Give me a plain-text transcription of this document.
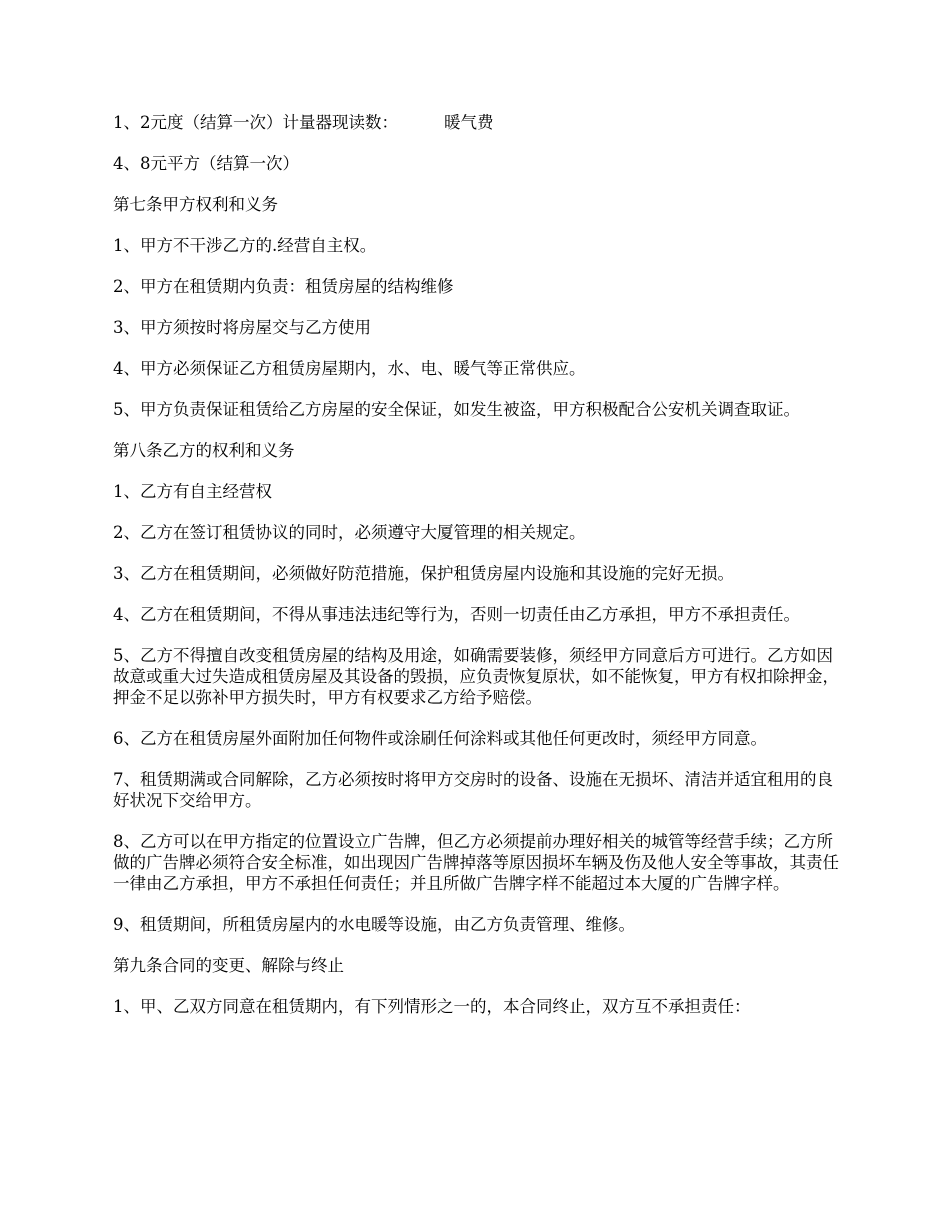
1、2元度（结算一次）计量器现读数：	暖气费

4、8元平方（结算一次）

第七条甲方权利和义务

1、甲方不干涉乙方的.经营自主权。

2、甲方在租赁期内负责：租赁房屋的结构维修

3、甲方须按时将房屋交与乙方使用

4、甲方必须保证乙方租赁房屋期内，水、电、暖气等正常供应。

5、甲方负责保证租赁给乙方房屋的安全保证，如发生被盗，甲方积极配合公安机关调查取证。

第八条乙方的权利和义务

1、乙方有自主经营权

2、乙方在签订租赁协议的同时，必须遵守大厦管理的相关规定。

3、乙方在租赁期间，必须做好防范措施，保护租赁房屋内设施和其设施的完好无损。

4、乙方在租赁期间，不得从事违法违纪等行为，否则一切责任由乙方承担，甲方不承担责任。

5、乙方不得擅自改变租赁房屋的结构及用途，如确需要装修，须经甲方同意后方可进行。乙方如因故意或重大过失造成租赁房屋及其设备的毁损，应负责恢复原状，如不能恢复，甲方有权扣除押金，押金不足以弥补甲方损失时，甲方有权要求乙方给予赔偿。

6、乙方在租赁房屋外面附加任何物件或涂刷任何涂料或其他任何更改时，须经甲方同意。

7、租赁期满或合同解除，乙方必须按时将甲方交房时的设备、设施在无损坏、清洁并适宜租用的良好状况下交给甲方。

8、乙方可以在甲方指定的位置设立广告牌，但乙方必须提前办理好相关的城管等经营手续；乙方所做的广告牌必须符合安全标准，如出现因广告牌掉落等原因损坏车辆及伤及他人安全等事故，其责任一律由乙方承担，甲方不承担任何责任；并且所做广告牌字样不能超过本大厦的广告牌字样。

9、租赁期间，所租赁房屋内的水电暖等设施，由乙方负责管理、维修。

第九条合同的变更、解除与终止

1、甲、乙双方同意在租赁期内，有下列情形之一的，本合同终止，双方互不承担责任：
